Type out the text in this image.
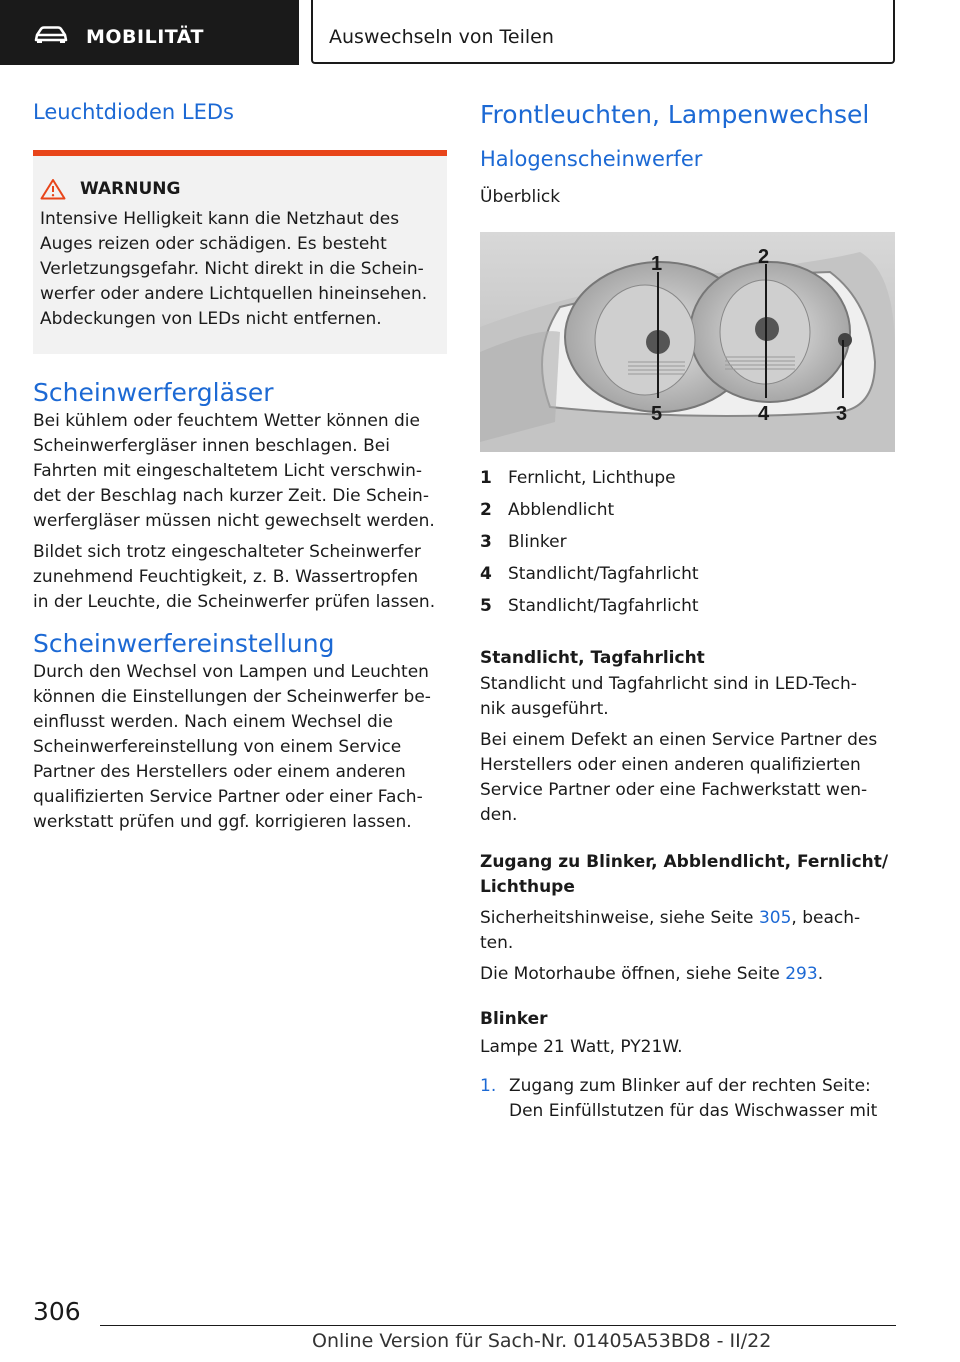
MOBILITÄT	Auswechseln von Teilen
Leuchtdioden LEDs
WARNUNG

Intensive Helligkeit kann die Netzhaut des
Auges reizen oder schädigen. Es besteht
Verletzungsgefahr. Nicht direkt in die Schein-
werfer oder andere Lichtquellen hineinsehen.
Abdeckungen von LEDs nicht entfernen.

Scheinwerfergläser

Bei kühlem oder feuchtem Wetter können die
Scheinwerfergläser innen beschlagen. Bei
Fahrten mit eingeschaltetem Licht verschwin-
det der Beschlag nach kurzer Zeit. Die Schein-
werfergläser müssen nicht gewechselt werden.

Bildet sich trotz eingeschalteter Scheinwerfer
zunehmend Feuchtigkeit, z. B. Wassertropfen
in der Leuchte, die Scheinwerfer prüfen lassen.

Scheinwerfereinstellung

Durch den Wechsel von Lampen und Leuchten
können die Einstellungen der Scheinwerfer be-
einflusst werden. Nach einem Wechsel die
Scheinwerfereinstellung von einem Service
Partner des Herstellers oder einem anderen
qualifizierten Service Partner oder einer Fach-
werkstatt prüfen und ggf. korrigieren lassen.

Frontleuchten, Lampenwechsel
Halogenscheinwerfer

Überblick

1	2
3
4
5
1 Fernlicht, Lichthupe
2 Abblendlicht
3 Blinker
4 Standlicht/Tagfahrlicht
5 Standlicht/Tagfahrlicht
Standlicht, Tagfahrlicht

Standlicht und Tagfahrlicht sind in LED-Tech-
nik ausgeführt.

Bei einem Defekt an einen Service Partner des
Herstellers oder einen anderen qualifizierten
Service Partner oder eine Fachwerkstatt wen-
den.

Zugang zu Blinker, Abblendlicht, Fernlicht/
Lichthupe

Sicherheitshinweise, siehe Seite 305, beach-
ten.

Die Motorhaube öffnen, siehe Seite 293.

Blinker

Lampe 21 Watt, PY21W.

1. Zugang zum Blinker auf der rechten Seite:
Den Einfüllstutzen für das Wischwasser mit
306
Online Version für Sach-Nr. 01405A53BD8 - II/22
